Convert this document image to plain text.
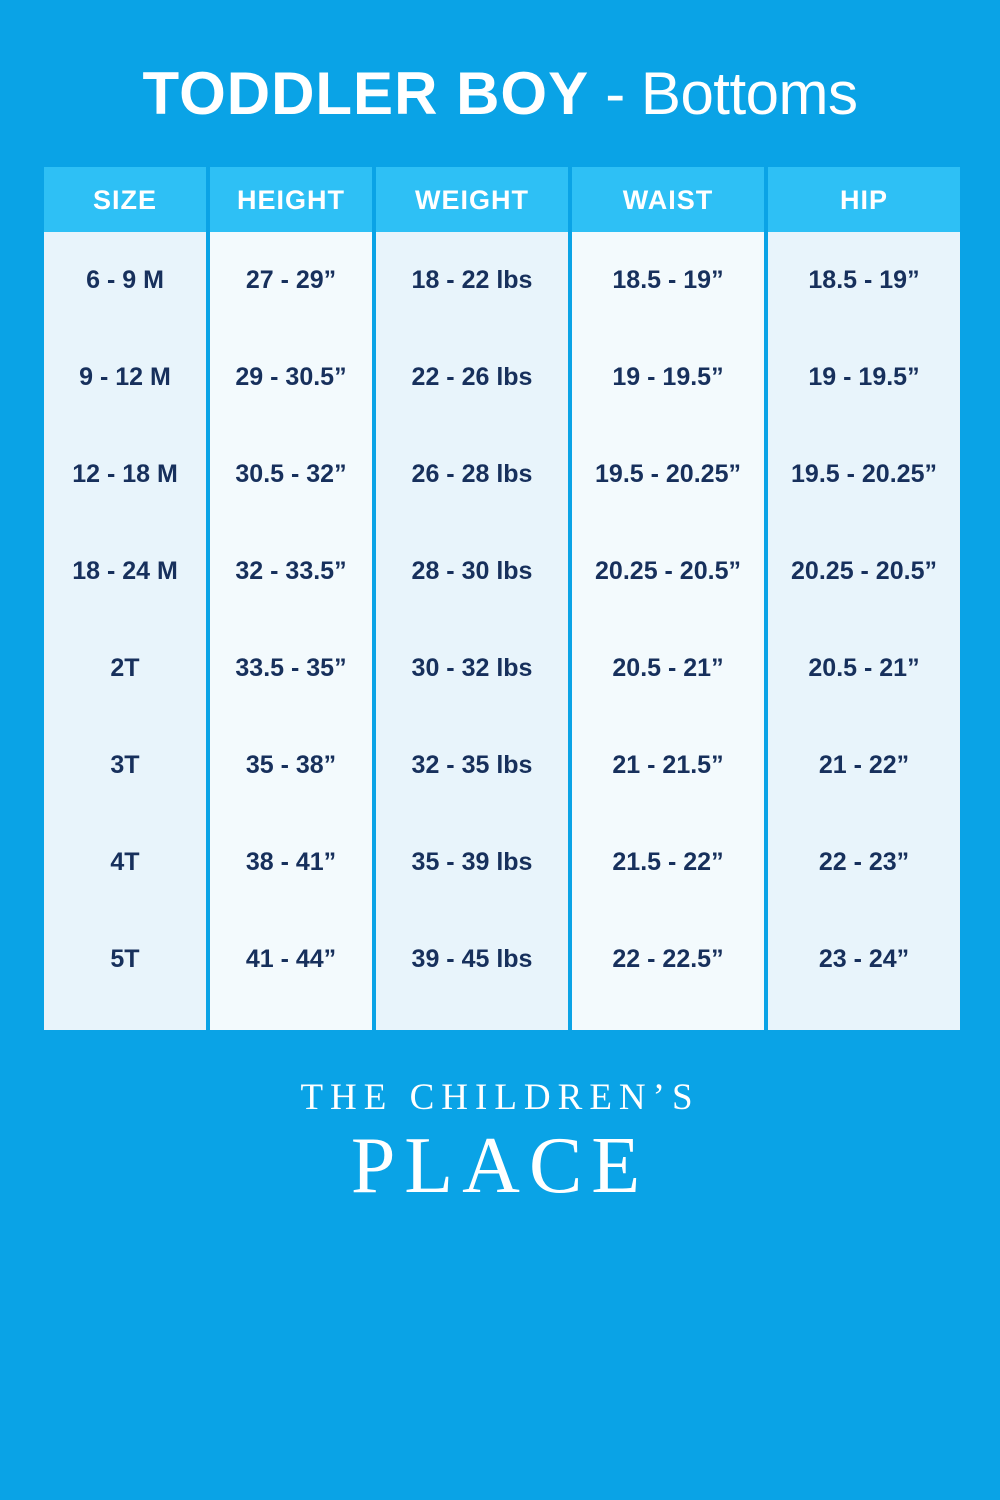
TODDLER BOY - Bottoms
SIZE	HEIGHT	WEIGHT	WAIST	HIP
6 - 9 M	27 - 29”	18 - 22 lbs	18.5 - 19”	18.5 - 19”
9 - 12 M	29 - 30.5”	22 - 26 lbs	19 - 19.5”	19 - 19.5”
12 - 18 M	30.5 - 32”	26 - 28 lbs	19.5 - 20.25”	19.5 - 20.25”
18 - 24 M	32 - 33.5”	28 - 30 lbs	20.25 - 20.5”	20.25 - 20.5”
2T	33.5 - 35”	30 - 32 lbs	20.5 - 21”	20.5 - 21”
3T	35 - 38”	32 - 35 lbs	21 - 21.5”	21 - 22”
4T	38 - 41”	35 - 39 lbs	21.5 - 22”	22 - 23”
5T	41 - 44”	39 - 45 lbs	22 - 22.5”	23 - 24”

THE CHILDREN’S
PLACE
